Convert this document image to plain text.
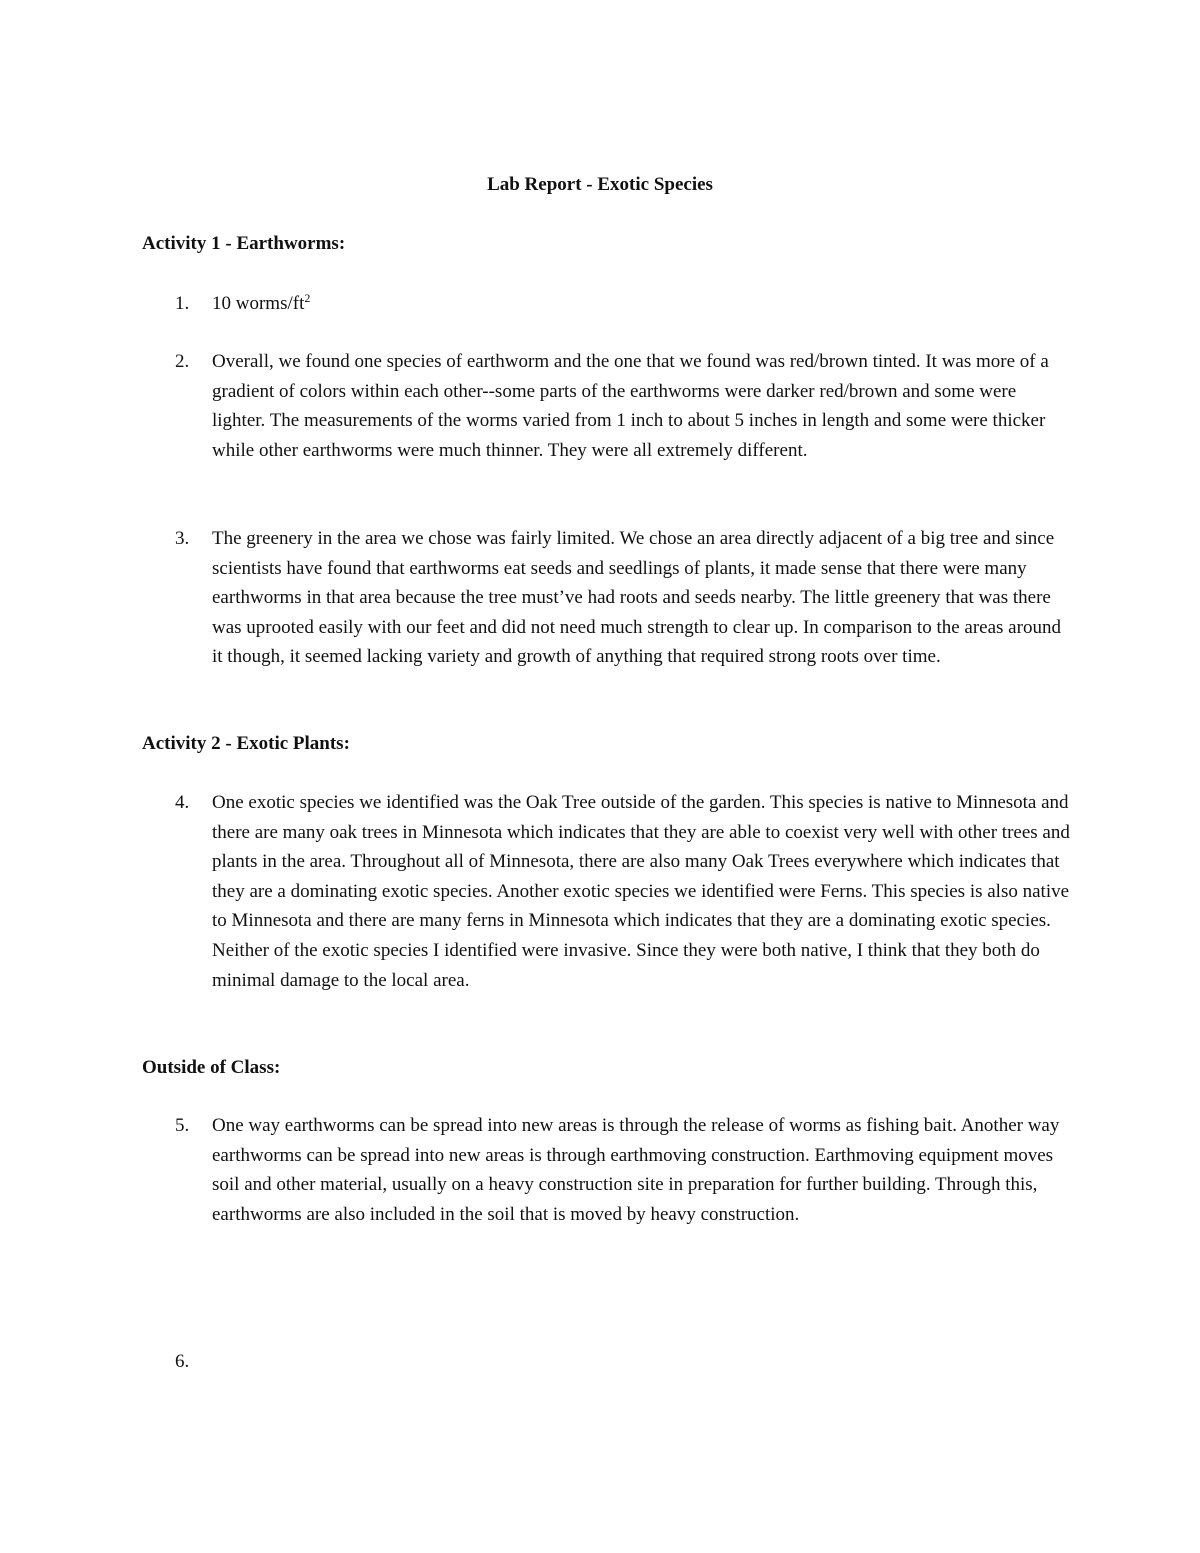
Lab Report - Exotic Species
Activity 1 - Earthworms:

1. 10 worms/$ft^2$

2. Overall, we found one species of earthworm and the one that we found was red/brown tinted. It was more of a gradient of colors within each other--some parts of the earthworms were darker red/brown and some were lighter. The measurements of the worms varied from 1 inch to about 5 inches in length and some were thicker while other earthworms were much thinner. They were all extremely different.

3. The greenery in the area we chose was fairly limited. We chose an area directly adjacent of a big tree and since scientists have found that earthworms eat seeds and seedlings of plants, it made sense that there were many earthworms in that area because the tree must’ve had roots and seeds nearby. The little greenery that was there was uprooted easily with our feet and did not need much strength to clear up. In comparison to the areas around it though, it seemed lacking variety and growth of anything that required strong roots over time.

Activity 2 - Exotic Plants:

4. One exotic species we identified was the Oak Tree outside of the garden. This species is native to Minnesota and there are many oak trees in Minnesota which indicates that they are able to coexist very well with other trees and plants in the area. Throughout all of Minnesota, there are also many Oak Trees everywhere which indicates that they are a dominating exotic species. Another exotic species we identified were Ferns. This species is also native to Minnesota and there are many ferns in Minnesota which indicates that they are a dominating exotic species. Neither of the exotic species I identified were invasive. Since they were both native, I think that they both do minimal damage to the local area.

Outside of Class:

5. One way earthworms can be spread into new areas is through the release of worms as fishing bait. Another way earthworms can be spread into new areas is through earthmoving construction. Earthmoving equipment moves soil and other material, usually on a heavy construction site in preparation for further building. Through this, earthworms are also included in the soil that is moved by heavy construction.

6.
